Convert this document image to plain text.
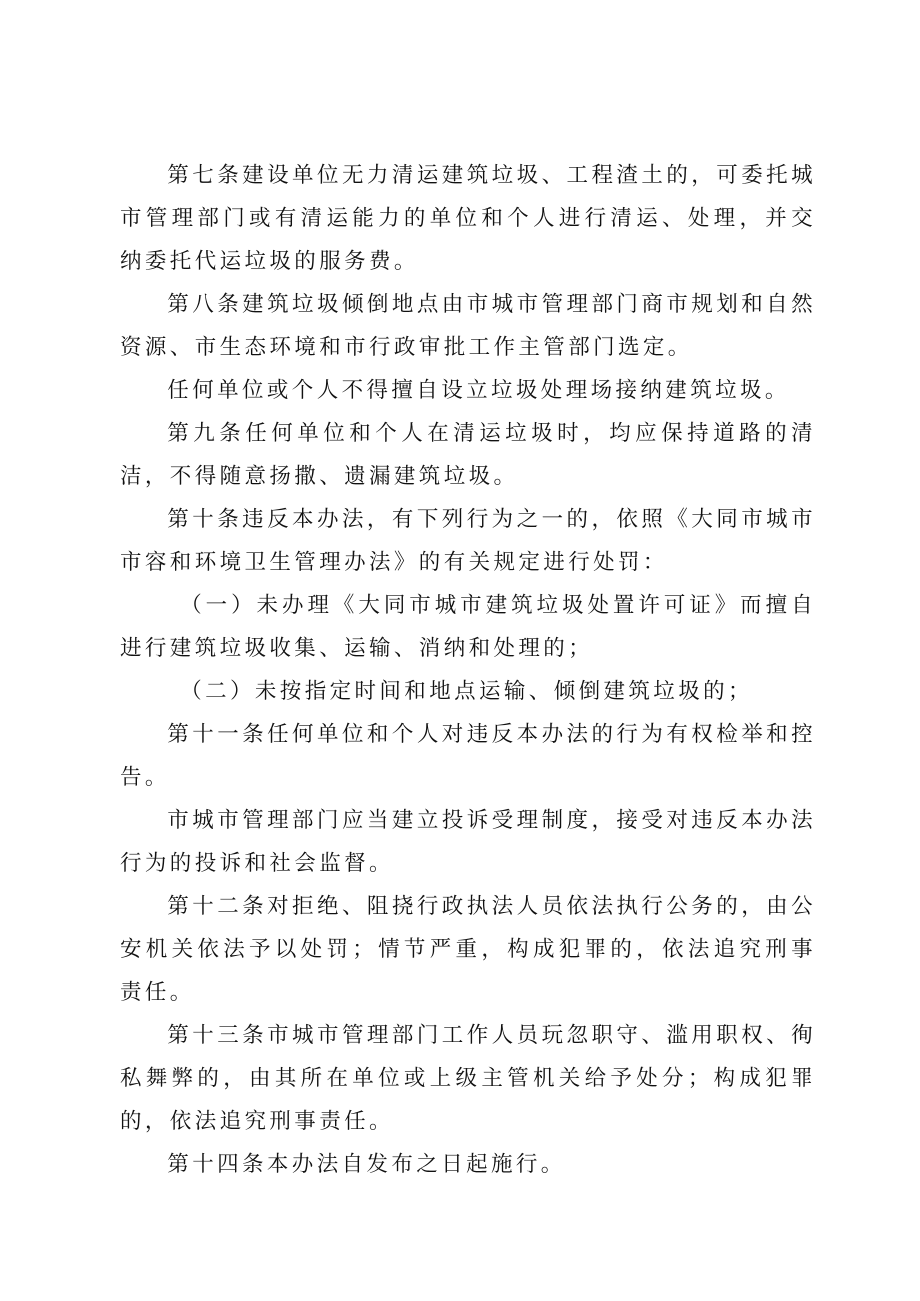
第七条建设单位无力清运建筑垃圾、工程渣土的，可委托城市管理部门或有清运能力的单位和个人进行清运、处理，并交纳委托代运垃圾的服务费。

第八条建筑垃圾倾倒地点由市城市管理部门商市规划和自然资源、市生态环境和市行政审批工作主管部门选定。

任何单位或个人不得擅自设立垃圾处理场接纳建筑垃圾。

第九条任何单位和个人在清运垃圾时，均应保持道路的清洁，不得随意扬撒、遗漏建筑垃圾。

第十条违反本办法，有下列行为之一的，依照《大同市城市市容和环境卫生管理办法》的有关规定进行处罚：

（一）未办理《大同市城市建筑垃圾处置许可证》而擅自进行建筑垃圾收集、运输、消纳和处理的；

（二）未按指定时间和地点运输、倾倒建筑垃圾的；

第十一条任何单位和个人对违反本办法的行为有权检举和控告。

市城市管理部门应当建立投诉受理制度，接受对违反本办法行为的投诉和社会监督。

第十二条对拒绝、阻挠行政执法人员依法执行公务的，由公安机关依法予以处罚；情节严重，构成犯罪的，依法追究刑事责任。

第十三条市城市管理部门工作人员玩忽职守、滥用职权、徇私舞弊的，由其所在单位或上级主管机关给予处分；构成犯罪的，依法追究刑事责任。

第十四条本办法自发布之日起施行。
